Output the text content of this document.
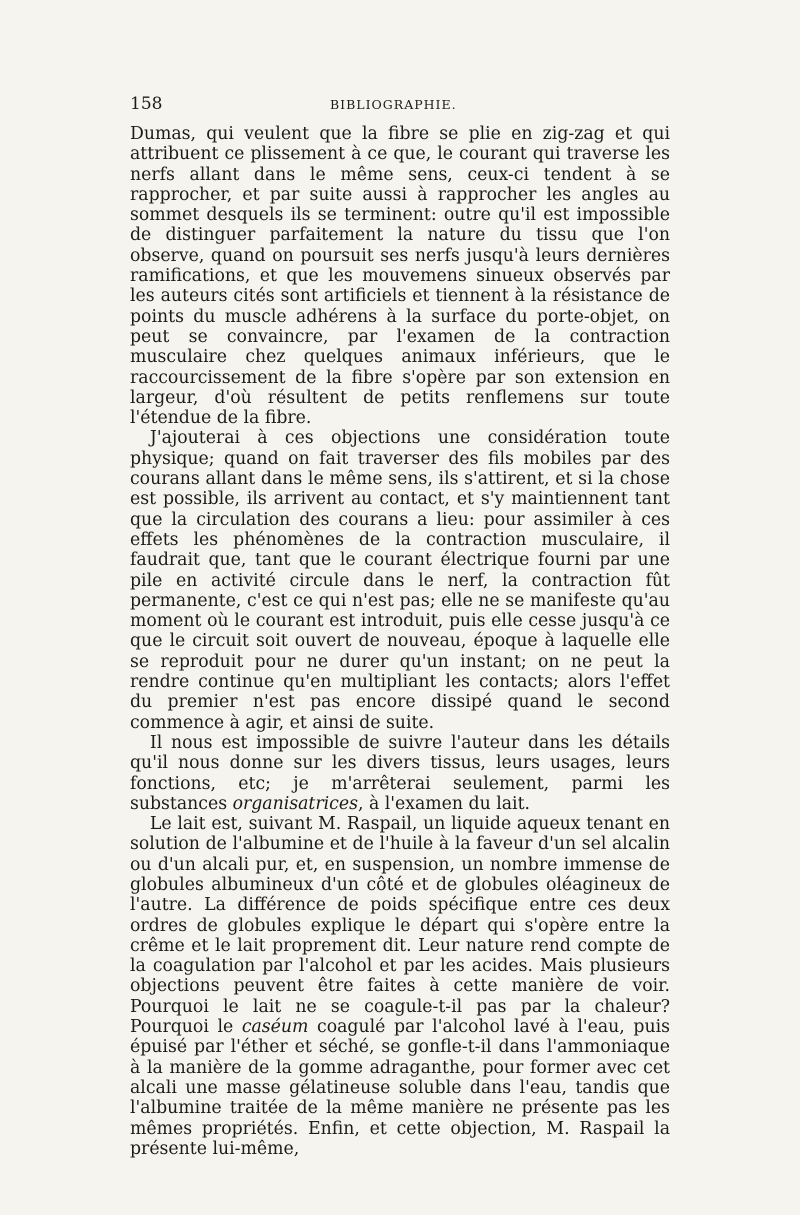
158	BIBLIOGRAPHIE.

Dumas, qui veulent que la fibre se plie en zig-zag et qui attribuent ce plissement à ce que, le courant qui traverse les nerfs allant dans le même sens, ceux-ci tendent à se rapprocher, et par suite aussi à rapprocher les angles au sommet desquels ils se terminent: outre qu'il est impossible de distinguer parfaitement la nature du tissu que l'on observe, quand on poursuit ses nerfs jusqu'à leurs dernières ramifications, et que les mouvemens sinueux observés par les auteurs cités sont artificiels et tiennent à la résistance de points du muscle adhérens à la surface du porte-objet, on peut se convaincre, par l'examen de la contraction musculaire chez quelques animaux inférieurs, que le raccourcissement de la fibre s'opère par son extension en largeur, d'où résultent de petits renflemens sur toute l'étendue de la fibre.

J'ajouterai à ces objections une considération toute physique; quand on fait traverser des fils mobiles par des courans allant dans le même sens, ils s'attirent, et si la chose est possible, ils arrivent au contact, et s'y maintiennent tant que la circulation des courans a lieu: pour assimiler à ces effets les phénomènes de la contraction musculaire, il faudrait que, tant que le courant électrique fourni par une pile en activité circule dans le nerf, la contraction fût permanente, c'est ce qui n'est pas; elle ne se manifeste qu'au moment où le courant est introduit, puis elle cesse jusqu'à ce que le circuit soit ouvert de nouveau, époque à laquelle elle se reproduit pour ne durer qu'un instant; on ne peut la rendre continue qu'en multipliant les contacts; alors l'effet du premier n'est pas encore dissipé quand le second commence à agir, et ainsi de suite.

Il nous est impossible de suivre l'auteur dans les détails qu'il nous donne sur les divers tissus, leurs usages, leurs fonctions, etc; je m'arrêterai seulement, parmi les substances organisatrices, à l'examen du lait.

Le lait est, suivant M. Raspail, un liquide aqueux tenant en solution de l'albumine et de l'huile à la faveur d'un sel alcalin ou d'un alcali pur, et, en suspension, un nombre immense de globules albumineux d'un côté et de globules oléagineux de l'autre. La différence de poids spécifique entre ces deux ordres de globules explique le départ qui s'opère entre la crême et le lait proprement dit. Leur nature rend compte de la coagulation par l'alcohol et par les acides. Mais plusieurs objections peuvent être faites à cette manière de voir. Pourquoi le lait ne se coagule-t-il pas par la chaleur? Pourquoi le caséum coagulé par l'alcohol lavé à l'eau, puis épuisé par l'éther et séché, se gonfle-t-il dans l'ammoniaque à la manière de la gomme adraganthe, pour former avec cet alcali une masse gélatineuse soluble dans l'eau, tandis que l'albumine traitée de la même manière ne présente pas les mêmes propriétés. Enfin, et cette objection, M. Raspail la présente lui-même,
